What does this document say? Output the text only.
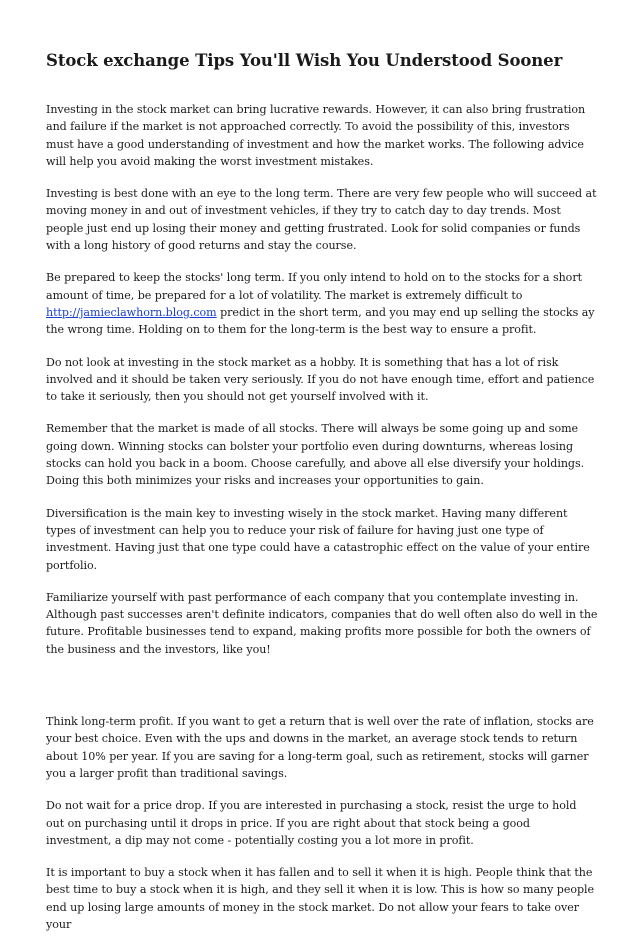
Stock exchange Tips You'll Wish You Understood Sooner

Investing in the stock market can bring lucrative rewards. However, it can also bring frustration and failure if the market is not approached correctly. To avoid the possibility of this, investors must have a good understanding of investment and how the market works. The following advice will help you avoid making the worst investment mistakes.

Investing is best done with an eye to the long term. There are very few people who will succeed at moving money in and out of investment vehicles, if they try to catch day to day trends. Most people just end up losing their money and getting frustrated. Look for solid companies or funds with a long history of good returns and stay the course.

Be prepared to keep the stocks' long term. If you only intend to hold on to the stocks for a short amount of time, be prepared for a lot of volatility. The market is extremely difficult to http://jamieclawhorn.blog.com predict in the short term, and you may end up selling the stocks ay the wrong time. Holding on to them for the long-term is the best way to ensure a profit.

Do not look at investing in the stock market as a hobby. It is something that has a lot of risk involved and it should be taken very seriously. If you do not have enough time, effort and patience to take it seriously, then you should not get yourself involved with it.

Remember that the market is made of all stocks. There will always be some going up and some going down. Winning stocks can bolster your portfolio even during downturns, whereas losing stocks can hold you back in a boom. Choose carefully, and above all else diversify your holdings. Doing this both minimizes your risks and increases your opportunities to gain.

Diversification is the main key to investing wisely in the stock market. Having many different types of investment can help you to reduce your risk of failure for having just one type of investment. Having just that one type could have a catastrophic effect on the value of your entire portfolio.

Familiarize yourself with past performance of each company that you contemplate investing in. Although past successes aren't definite indicators, companies that do well often also do well in the future. Profitable businesses tend to expand, making profits more possible for both the owners of the business and the investors, like you!

Think long-term profit. If you want to get a return that is well over the rate of inflation, stocks are your best choice. Even with the ups and downs in the market, an average stock tends to return about 10% per year. If you are saving for a long-term goal, such as retirement, stocks will garner you a larger profit than traditional savings.

Do not wait for a price drop. If you are interested in purchasing a stock, resist the urge to hold out on purchasing until it drops in price. If you are right about that stock being a good investment, a dip may not come - potentially costing you a lot more in profit.

It is important to buy a stock when it has fallen and to sell it when it is high. People think that the best time to buy a stock when it is high, and they sell it when it is low. This is how so many people end up losing large amounts of money in the stock market. Do not allow your fears to take over your
